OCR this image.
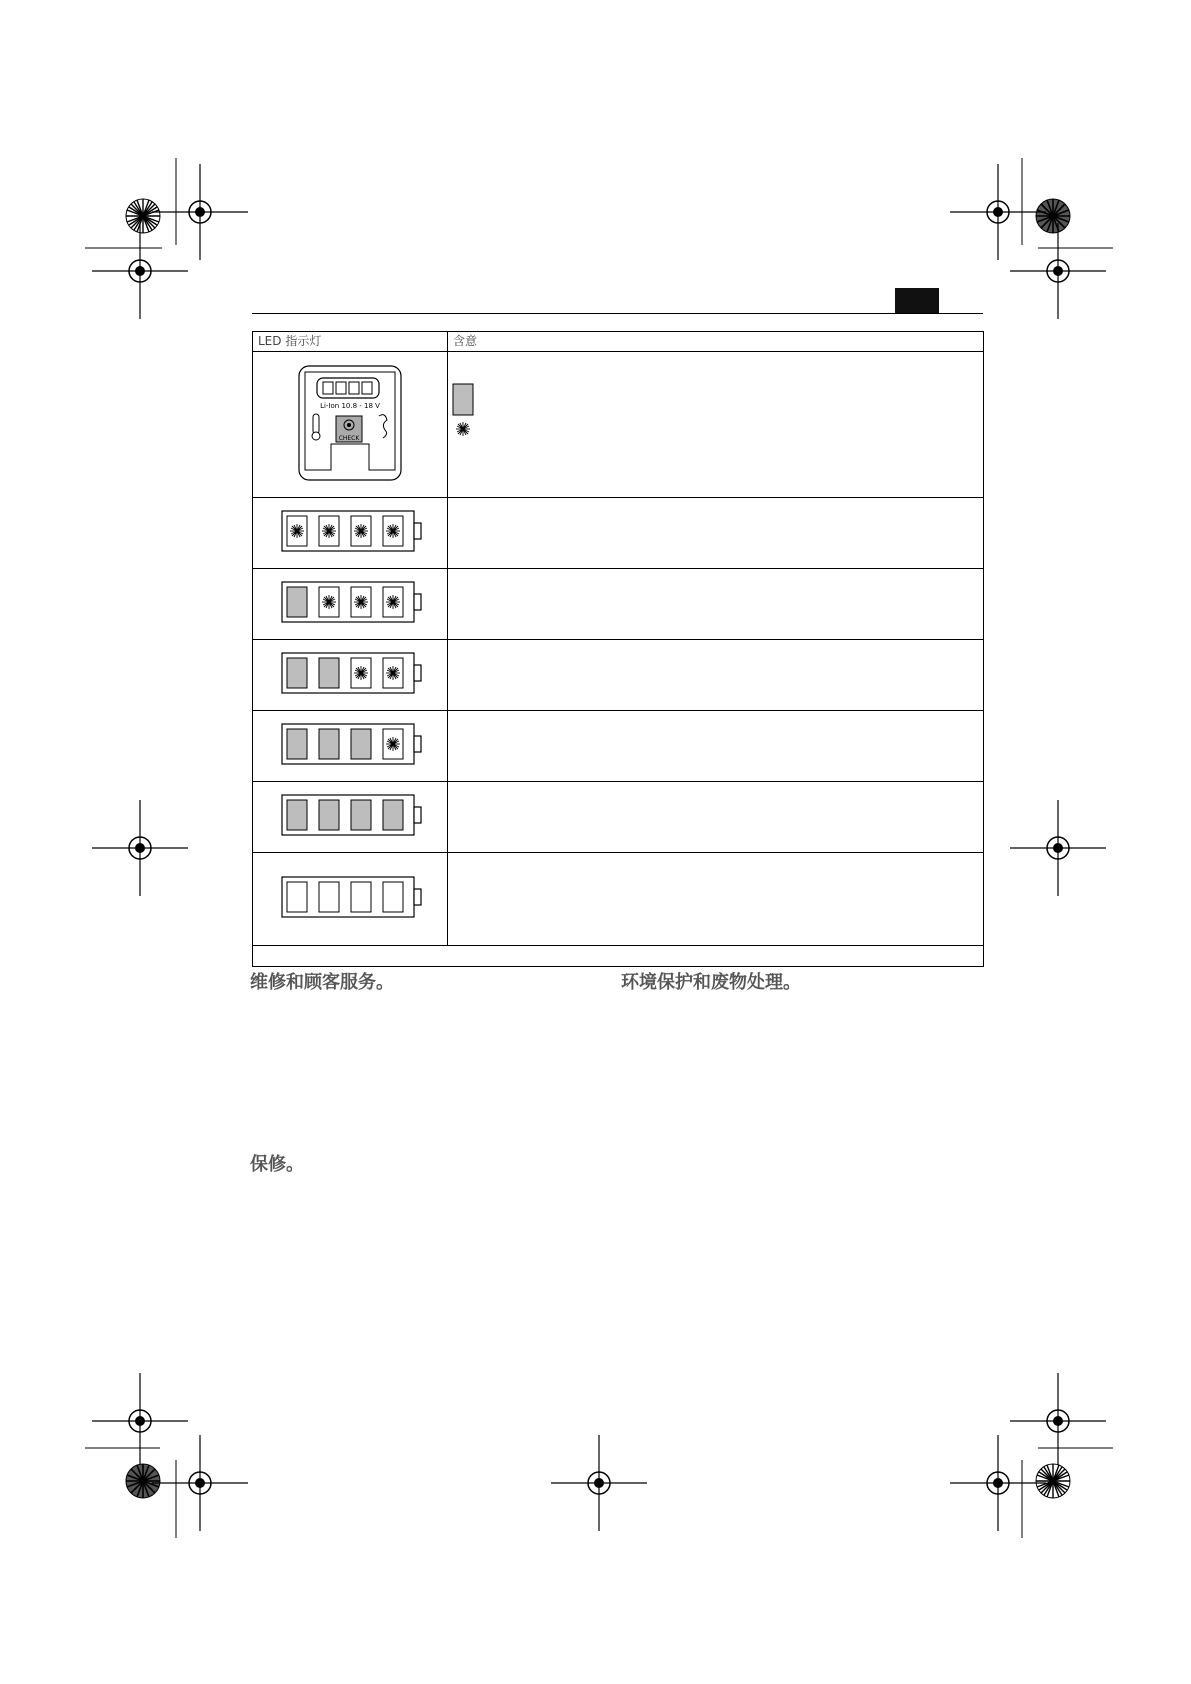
LED 指示灯	含意

Li-Ion 10.8 - 18 V
CHECK

维修和顾客服务。	环境保护和废物处理。
保修。
